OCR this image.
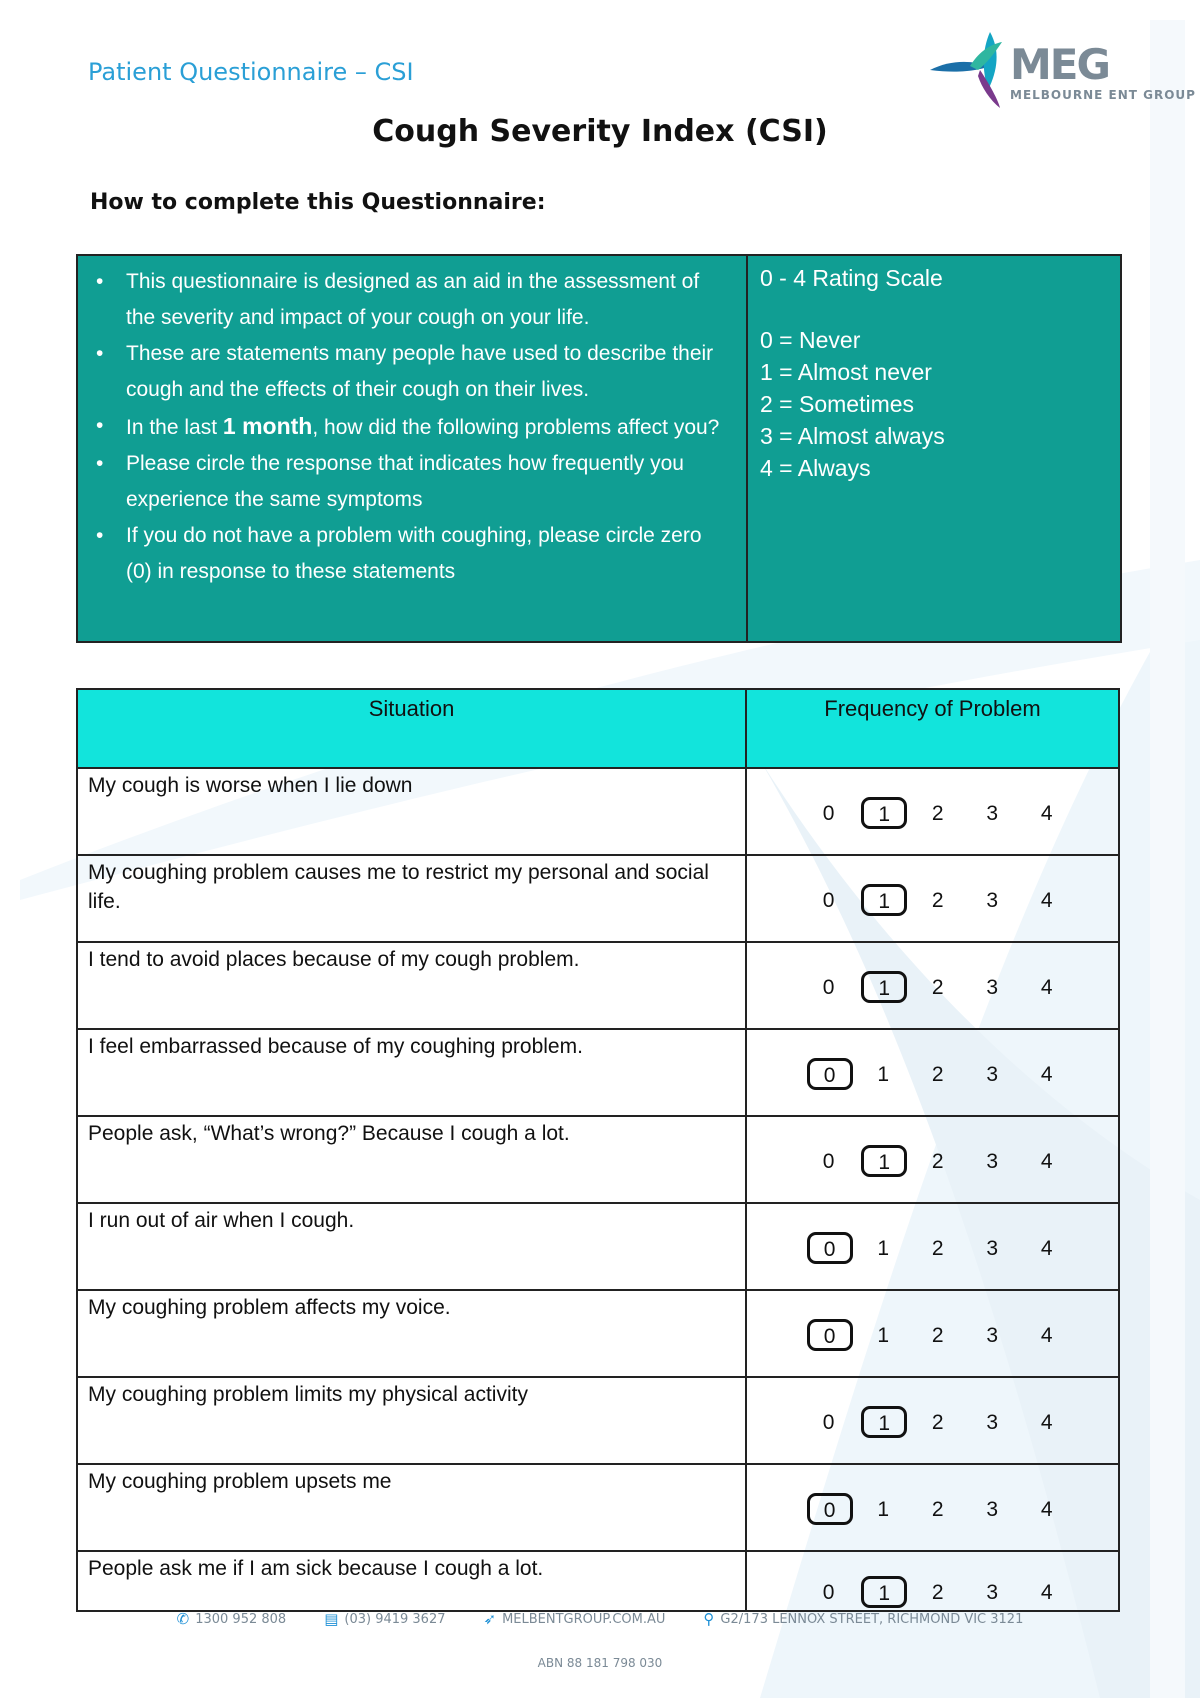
Patient Questionnaire – CSI	MEG
MELBOURNE ENT GROUP
Cough Severity Index (CSI)
How to complete this Questionnaire:
• This questionnaire is designed as an aid in the assessment of the severity and impact of your cough on your life.
• These are statements many people have used to describe their cough and the effects of their cough on their lives.
• In the last 1 month, how did the following problems affect you?
• Please circle the response that indicates how frequently you experience the same symptoms
• If you do not have a problem with coughing, please circle zero (0) in response to these statements
0 - 4 Rating Scale
0 = Never
1 = Almost never
2 = Sometimes
3 = Almost always
4 = Always
Situation	Frequency of Problem
My cough is worse when I lie down	0 1 2 3 4

My coughing problem causes me to restrict my personal and social life.	0 1 2 3 4

I tend to avoid places because of my cough problem.	0 1 2 3 4

I feel embarrassed because of my coughing problem.	0 1 2 3 4

People ask, “What’s wrong?” Because I cough a lot.	0 1 2 3 4

I run out of air when I cough.	0 1 2 3 4

My coughing problem affects my voice.	0 1 2 3 4

My coughing problem limits my physical activity	0 1 2 3 4

My coughing problem upsets me	0 1 2 3 4

People ask me if I am sick because I cough a lot.	0 1 2 3 4
✆ 1300 952 808	▤ (03) 9419 3627	➶ MELBENTGROUP.COM.AU	⚲ G2/173 LENNOX STREET, RICHMOND VIC 3121
ABN 88 181 798 030
